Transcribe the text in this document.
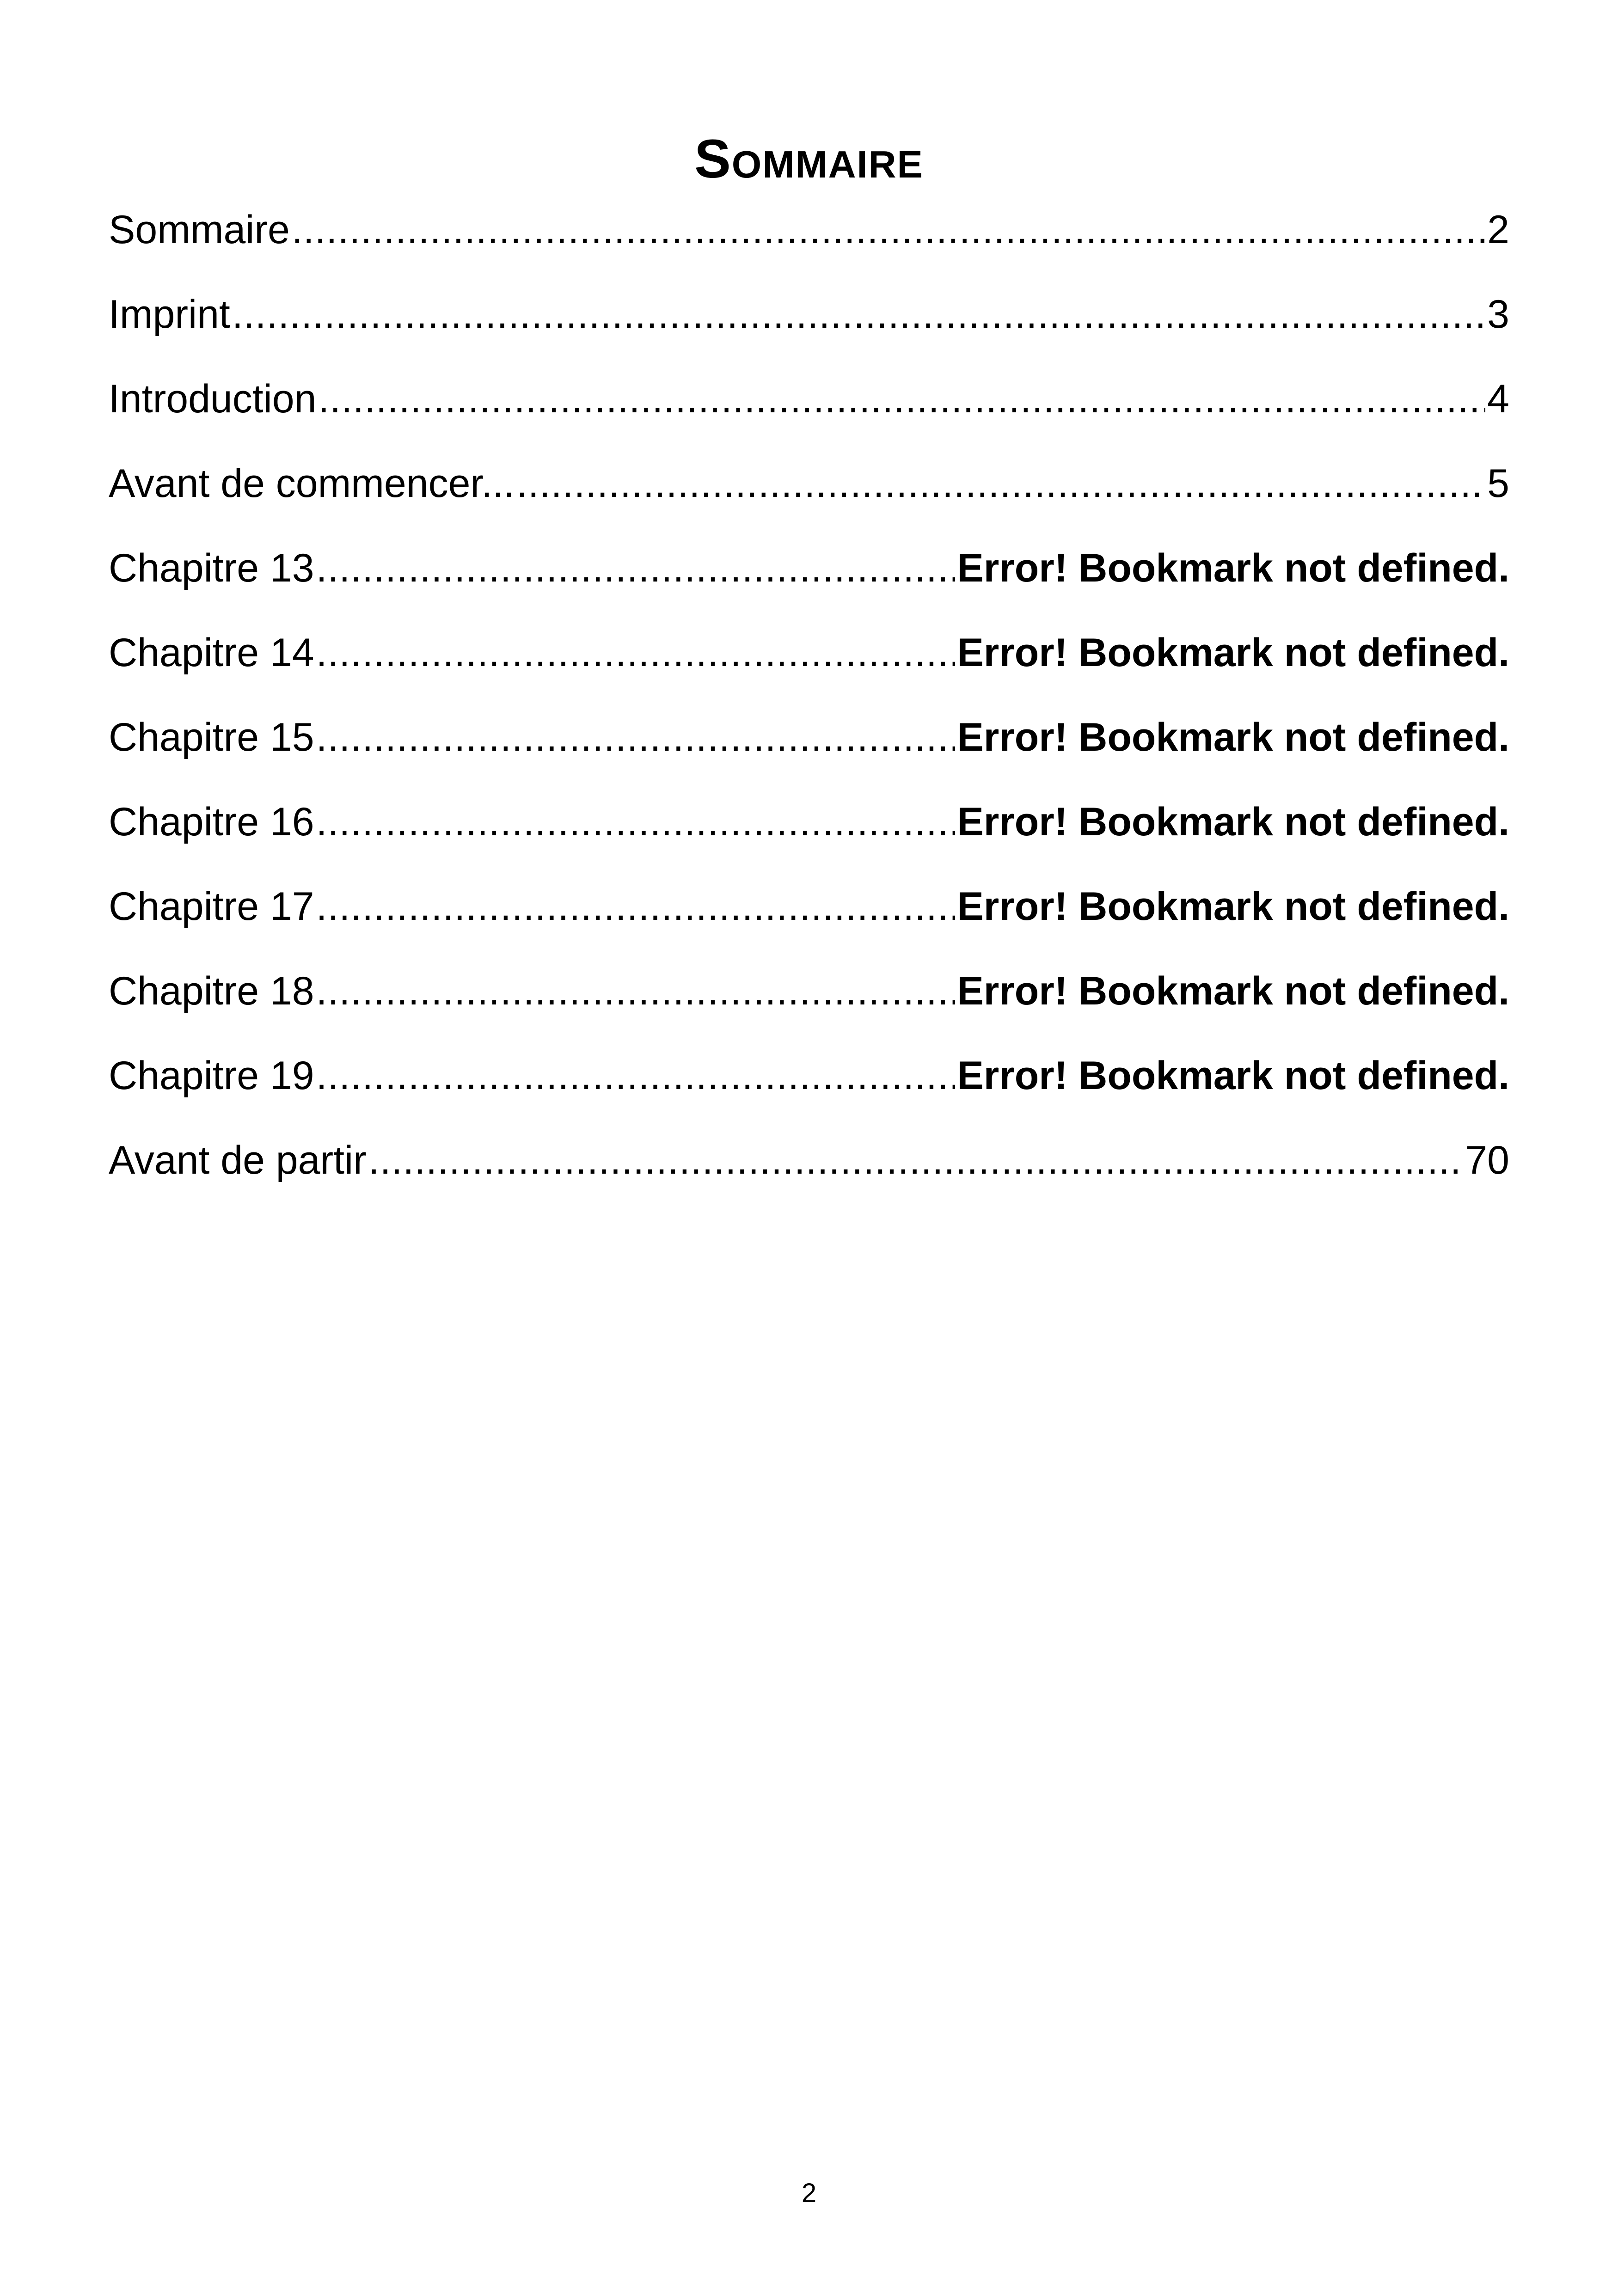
Sommaire
Sommaire .....	2
Imprint .....	3
Introduction .....	4
Avant de commencer... .....	5
Chapitre 13 .....	Error! Bookmark not defined.
Chapitre 14 .....	Error! Bookmark not defined.
Chapitre 15 .....	Error! Bookmark not defined.
Chapitre 16 .....	Error! Bookmark not defined.
Chapitre 17 .....	Error! Bookmark not defined.
Chapitre 18 .....	Error! Bookmark not defined.
Chapitre 19 .....	Error! Bookmark not defined.
Avant de partir .....	70
2
